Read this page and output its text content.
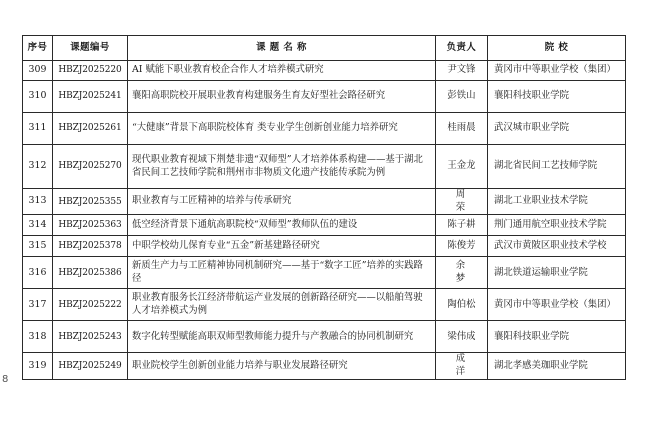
序号	课题编号	课 题 名 称	负责人	院 校
309	HBZJ2025220	AI 赋能下职业教育校企合作人才培养模式研究	尹文锋	黄冈市中等职业学校（集团）
310	HBZJ2025241	襄阳高职院校开展职业教育构建服务生育友好型社会路径研究	彭铁山	襄阳科技职业学院
311	HBZJ2025261	“大健康”背景下高职院校体育 类专业学生创新创业能力培养研究	桂雨晨	武汉城市职业学院
312	HBZJ2025270	现代职业教育视域下荆楚非遗“双师型”人才培养体系构建——基于湖北省民间工艺技师学院和荆州市非物质文化遗产技能传承院为例	王金龙	湖北省民间工艺技师学院
313	HBZJ2025355	职业教育与工匠精神的培养与传承研究	周 荣	湖北工业职业技术学院
314	HBZJ2025363	低空经济背景下通航高职院校“双师型”教师队伍的建设	陈子耕	荆门通用航空职业技术学院
315	HBZJ2025378	中职学校幼儿保育专业“五金”新基建路径研究	陈俊芳	武汉市黄陂区职业技术学校
316	HBZJ2025386	新质生产力与工匠精神协同机制研究——基于“数字工匠”培养的实践路径	余 梦	湖北铁道运输职业学院
317	HBZJ2025222	职业教育服务长江经济带航运产业发展的创新路径研究——以船舶驾驶人才培养模式为例	陶伯松	黄冈市中等职业学校（集团）
318	HBZJ2025243	数字化转型赋能高职双师型教师能力提升与产教融合的协同机制研究	梁伟成	襄阳科技职业学院
319	HBZJ2025249	职业院校学生创新创业能力培养与职业发展路径研究	成 洋	湖北孝感美珈职业学院
8
